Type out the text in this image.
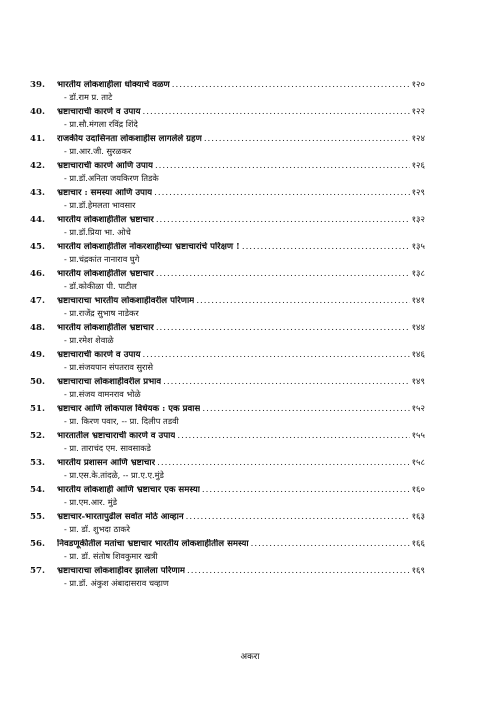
39.	भारतीय लोकशाहीला धोक्याचे वळण .....	१२०
- डॉ.राम प्र. ताटे
40.	भ्रष्टाचाराची कारणे व उपाय .....	१२२
- प्रा.सौ.मंगला रविंद्र शिंदे
41.	राजकीय उदासिनता लोकशाहीस लागलेले ग्रहण .....	१२४
- प्रा.आर.जी. सुरळकर
42.	भ्रष्टाचाराची कारणे आणि उपाय .....	१२६
- प्रा.डॉ.अनिता जयकिरण तिडके
43.	भ्रष्टाचार : समस्या आणि उपाय .....	१२९
- प्रा.डॉ.हेमलता भावसार
44.	भारतीय लोकशाहीतील भ्रष्टाचार .....	१३२
- प्रा.डॉ.प्रिया भा. ओचे
45.	भारतीय लोकशाहीतील नोकरशाहीच्या भ्रष्टाचारांचे परिक्षण ! .....	१३५
- प्रा.चंद्रकांत नानाराव घुगे
46.	भारतीय लोकशाहीतील भ्रष्टाचार .....	१३८
- डॉ.कोकीळा पी. पाटील
47.	भ्रष्टाचाराचा भारतीय लोकशाहीवरील परिणाम .....	१४१
- प्रा.राजेंद्र सुभाष नाडेकर
48.	भारतीय लोकशाहीतील भ्रष्टाचार .....	१४४
- प्रा.रमेश शेवाळे
49.	भ्रष्टाचाराची कारणे व उपाय .....	१४६
- प्रा.संजयपान संपतराव सुरासे
50.	भ्रष्टाचाराचा लोकशाहीवरील प्रभाव .....	१४९
- प्रा.संजय वामनराव भोळे
51.	भ्रष्टाचार आणि लोकपाल विधेयक : एक प्रवास .....	१५२
- प्रा. किरण पवार, -- प्रा. दिलीप तडवी
52.	भारतातील भ्रष्टाचाराची कारणे व उपाय .....	१५५
- प्रा. ताराचंद एम. सावसाकडे
53.	भारतीय प्रशासन आणि भ्रष्टाचार .....	१५८
- प्रा.एस.के.तांदळे, -- प्रा.ए.ए.मुंडे
54.	भारतीय लोकशाही आणि भ्रष्टाचार एक समस्या .....	१६०
- प्रा.एम.आर. मुंडे
55.	भ्रष्टाचार-भारतापुढील सर्वात मोठे आव्हान .....	१६३
- प्रा. डॉ. शुभदा ठाकरे
56.	निवडणूकीतील मतांचा भ्रष्टाचार भारतीय लोकशाहीतील समस्या .....	१६६
- प्रा. डॉ. संतोष शिवकुमार खत्री
57.	भ्रष्टाचाराचा लोकशाहीवर झालेला परिणाम .....	१६९
- प्रा.डॉ. अंकुश अंबादासराव चव्हाण
अकरा
